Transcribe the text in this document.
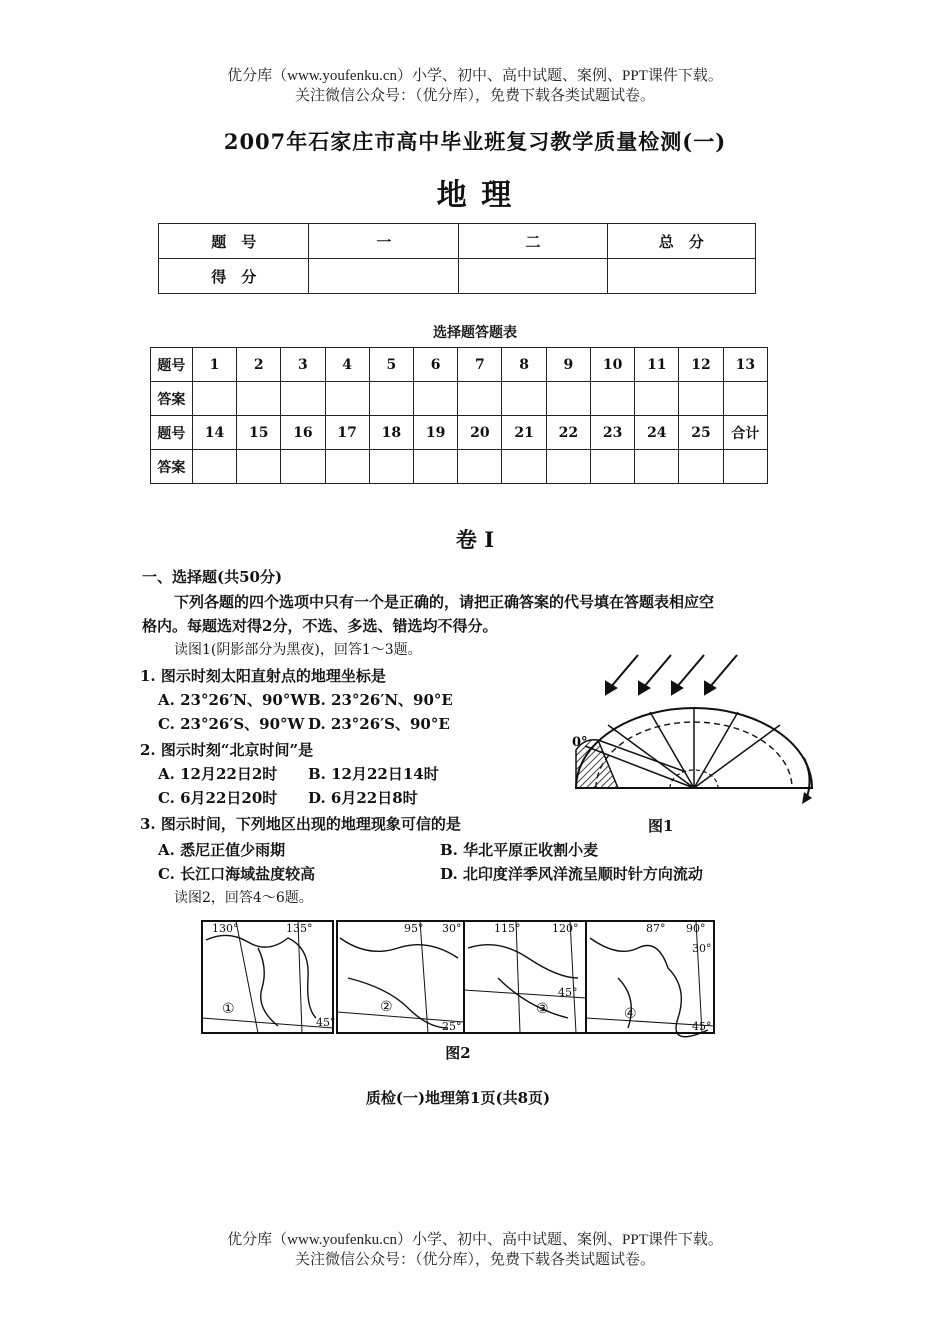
优分库（www.youfenku.cn）小学、初中、高中试题、案例、PPT课件下载。
关注微信公众号：（优分库），免费下载各类试题试卷。
2007年石家庄市高中毕业班复习教学质量检测(一)
地 理
题　号	一	二	总　分
得　分			
选择题答题表
题号	1	2	3	4	5	6	7	8	9	10	11	12	13
答案													
题号	14	15	16	17	18	19	20	21	22	23	24	25	合计
答案													
卷 I
一、选择题(共50分)
下列各题的四个选项中只有一个是正确的，请把正确答案的代号填在答题表相应空
格内。每题选对得2分，不选、多选、错选均不得分。
读图1(阴影部分为黑夜)，回答1～3题。
1. 图示时刻太阳直射点的地理坐标是
A. 23°26′N、90°W B. 23°26′N、90°E
C. 23°26′S、90°W D. 23°26′S、90°E
2. 图示时刻“北京时间”是
A. 12月22日2时 B. 12月22日14时
C. 6月22日20时 D. 6月22日8时
3. 图示时间，下列地区出现的地理现象可信的是
A. 悉尼正值少雨期	B. 华北平原正收割小麦
C. 长江口海域盐度较高	D. 北印度洋季风洋流呈顺时针方向流动
读图2，回答4～6题。
0°
图1
①	②	③	④
130°	135°
45°
95° 30°
25°
115°	120°
45°
87° 90°
30°
45°
图2
质检(一)地理第1页(共8页)
优分库（www.youfenku.cn）小学、初中、高中试题、案例、PPT课件下载。
关注微信公众号：（优分库），免费下载各类试题试卷。
